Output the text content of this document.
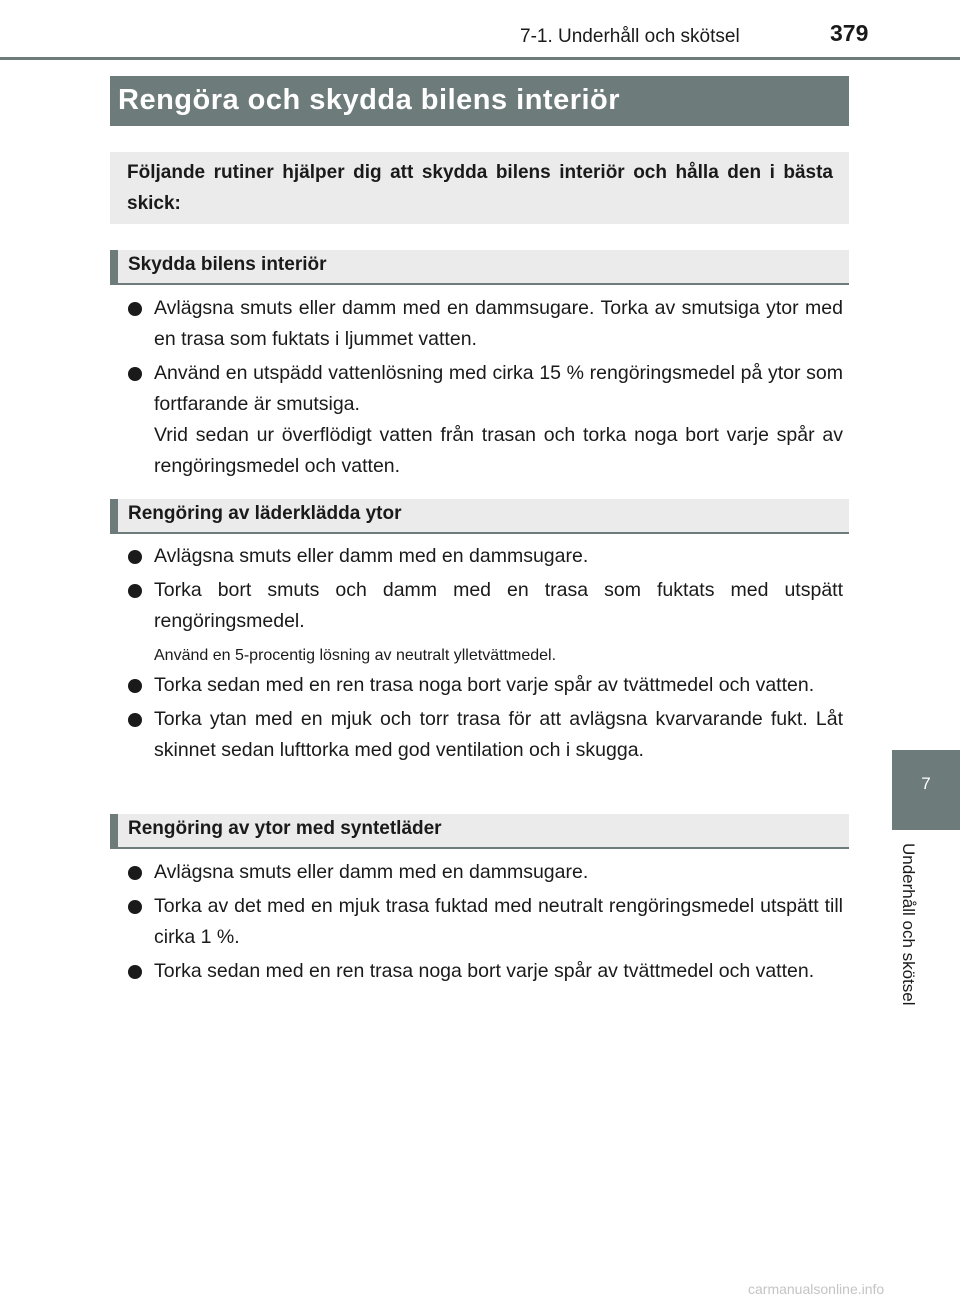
7-1. Underhåll och skötsel	379
Rengöra och skydda bilens interiör
Följande rutiner hjälper dig att skydda bilens interiör och hålla den i bästa skick:
Skydda bilens interiör
Avlägsna smuts eller damm med en dammsugare. Torka av smutsiga ytor med en trasa som fuktats i ljummet vatten.
Använd en utspädd vattenlösning med cirka 15 % rengöringsmedel på ytor som fortfarande är smutsiga.
Vrid sedan ur överflödigt vatten från trasan och torka noga bort varje spår av rengöringsmedel och vatten.
Rengöring av läderklädda ytor
Avlägsna smuts eller damm med en dammsugare.
Torka bort smuts och damm med en trasa som fuktats med utspätt rengöringsmedel.
Använd en 5-procentig lösning av neutralt ylletvättmedel.
Torka sedan med en ren trasa noga bort varje spår av tvättmedel och vatten.
Torka ytan med en mjuk och torr trasa för att avlägsna kvarvarande fukt. Låt skinnet sedan lufttorka med god ventilation och i skugga.
Rengöring av ytor med syntetläder
Avlägsna smuts eller damm med en dammsugare.
Torka av det med en mjuk trasa fuktad med neutralt rengöringsmedel utspätt till cirka 1 %.
Torka sedan med en ren trasa noga bort varje spår av tvättmedel och vatten.
7
Underhåll och skötsel
carmanualsonline.info
